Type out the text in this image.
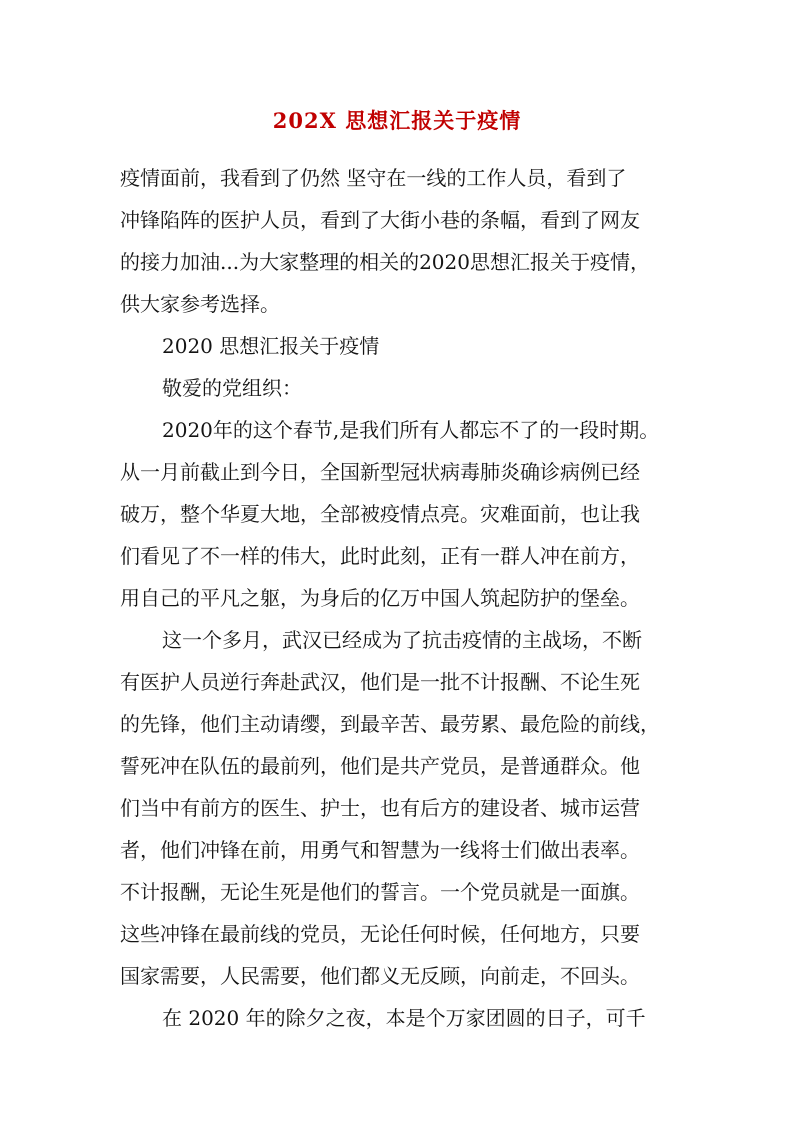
202X 思想汇报关于疫情
疫情面前，我看到了仍然 坚守在一线的工作人员，看到了
冲锋陷阵的医护人员，看到了大街小巷的条幅，看到了网友
的接力加油...为大家整理的相关的2020思想汇报关于疫情，
供大家参考选择。
2020 思想汇报关于疫情
敬爱的党组织：
2020年的这个春节,是我们所有人都忘不了的一段时期。
从一月前截止到今日，全国新型冠状病毒肺炎确诊病例已经
破万，整个华夏大地，全部被疫情点亮。灾难面前，也让我
们看见了不一样的伟大，此时此刻，正有一群人冲在前方，
用自己的平凡之躯，为身后的亿万中国人筑起防护的堡垒。
这一个多月，武汉已经成为了抗击疫情的主战场，不断
有医护人员逆行奔赴武汉，他们是一批不计报酬、不论生死
的先锋，他们主动请缨，到最辛苦、最劳累、最危险的前线，
誓死冲在队伍的最前列，他们是共产党员，是普通群众。他
们当中有前方的医生、护士，也有后方的建设者、城市运营
者，他们冲锋在前，用勇气和智慧为一线将士们做出表率。
不计报酬，无论生死是他们的誓言。一个党员就是一面旗。
这些冲锋在最前线的党员，无论任何时候，任何地方，只要
国家需要，人民需要，他们都义无反顾，向前走，不回头。
在 2020 年的除夕之夜，本是个万家团圆的日子，可千
